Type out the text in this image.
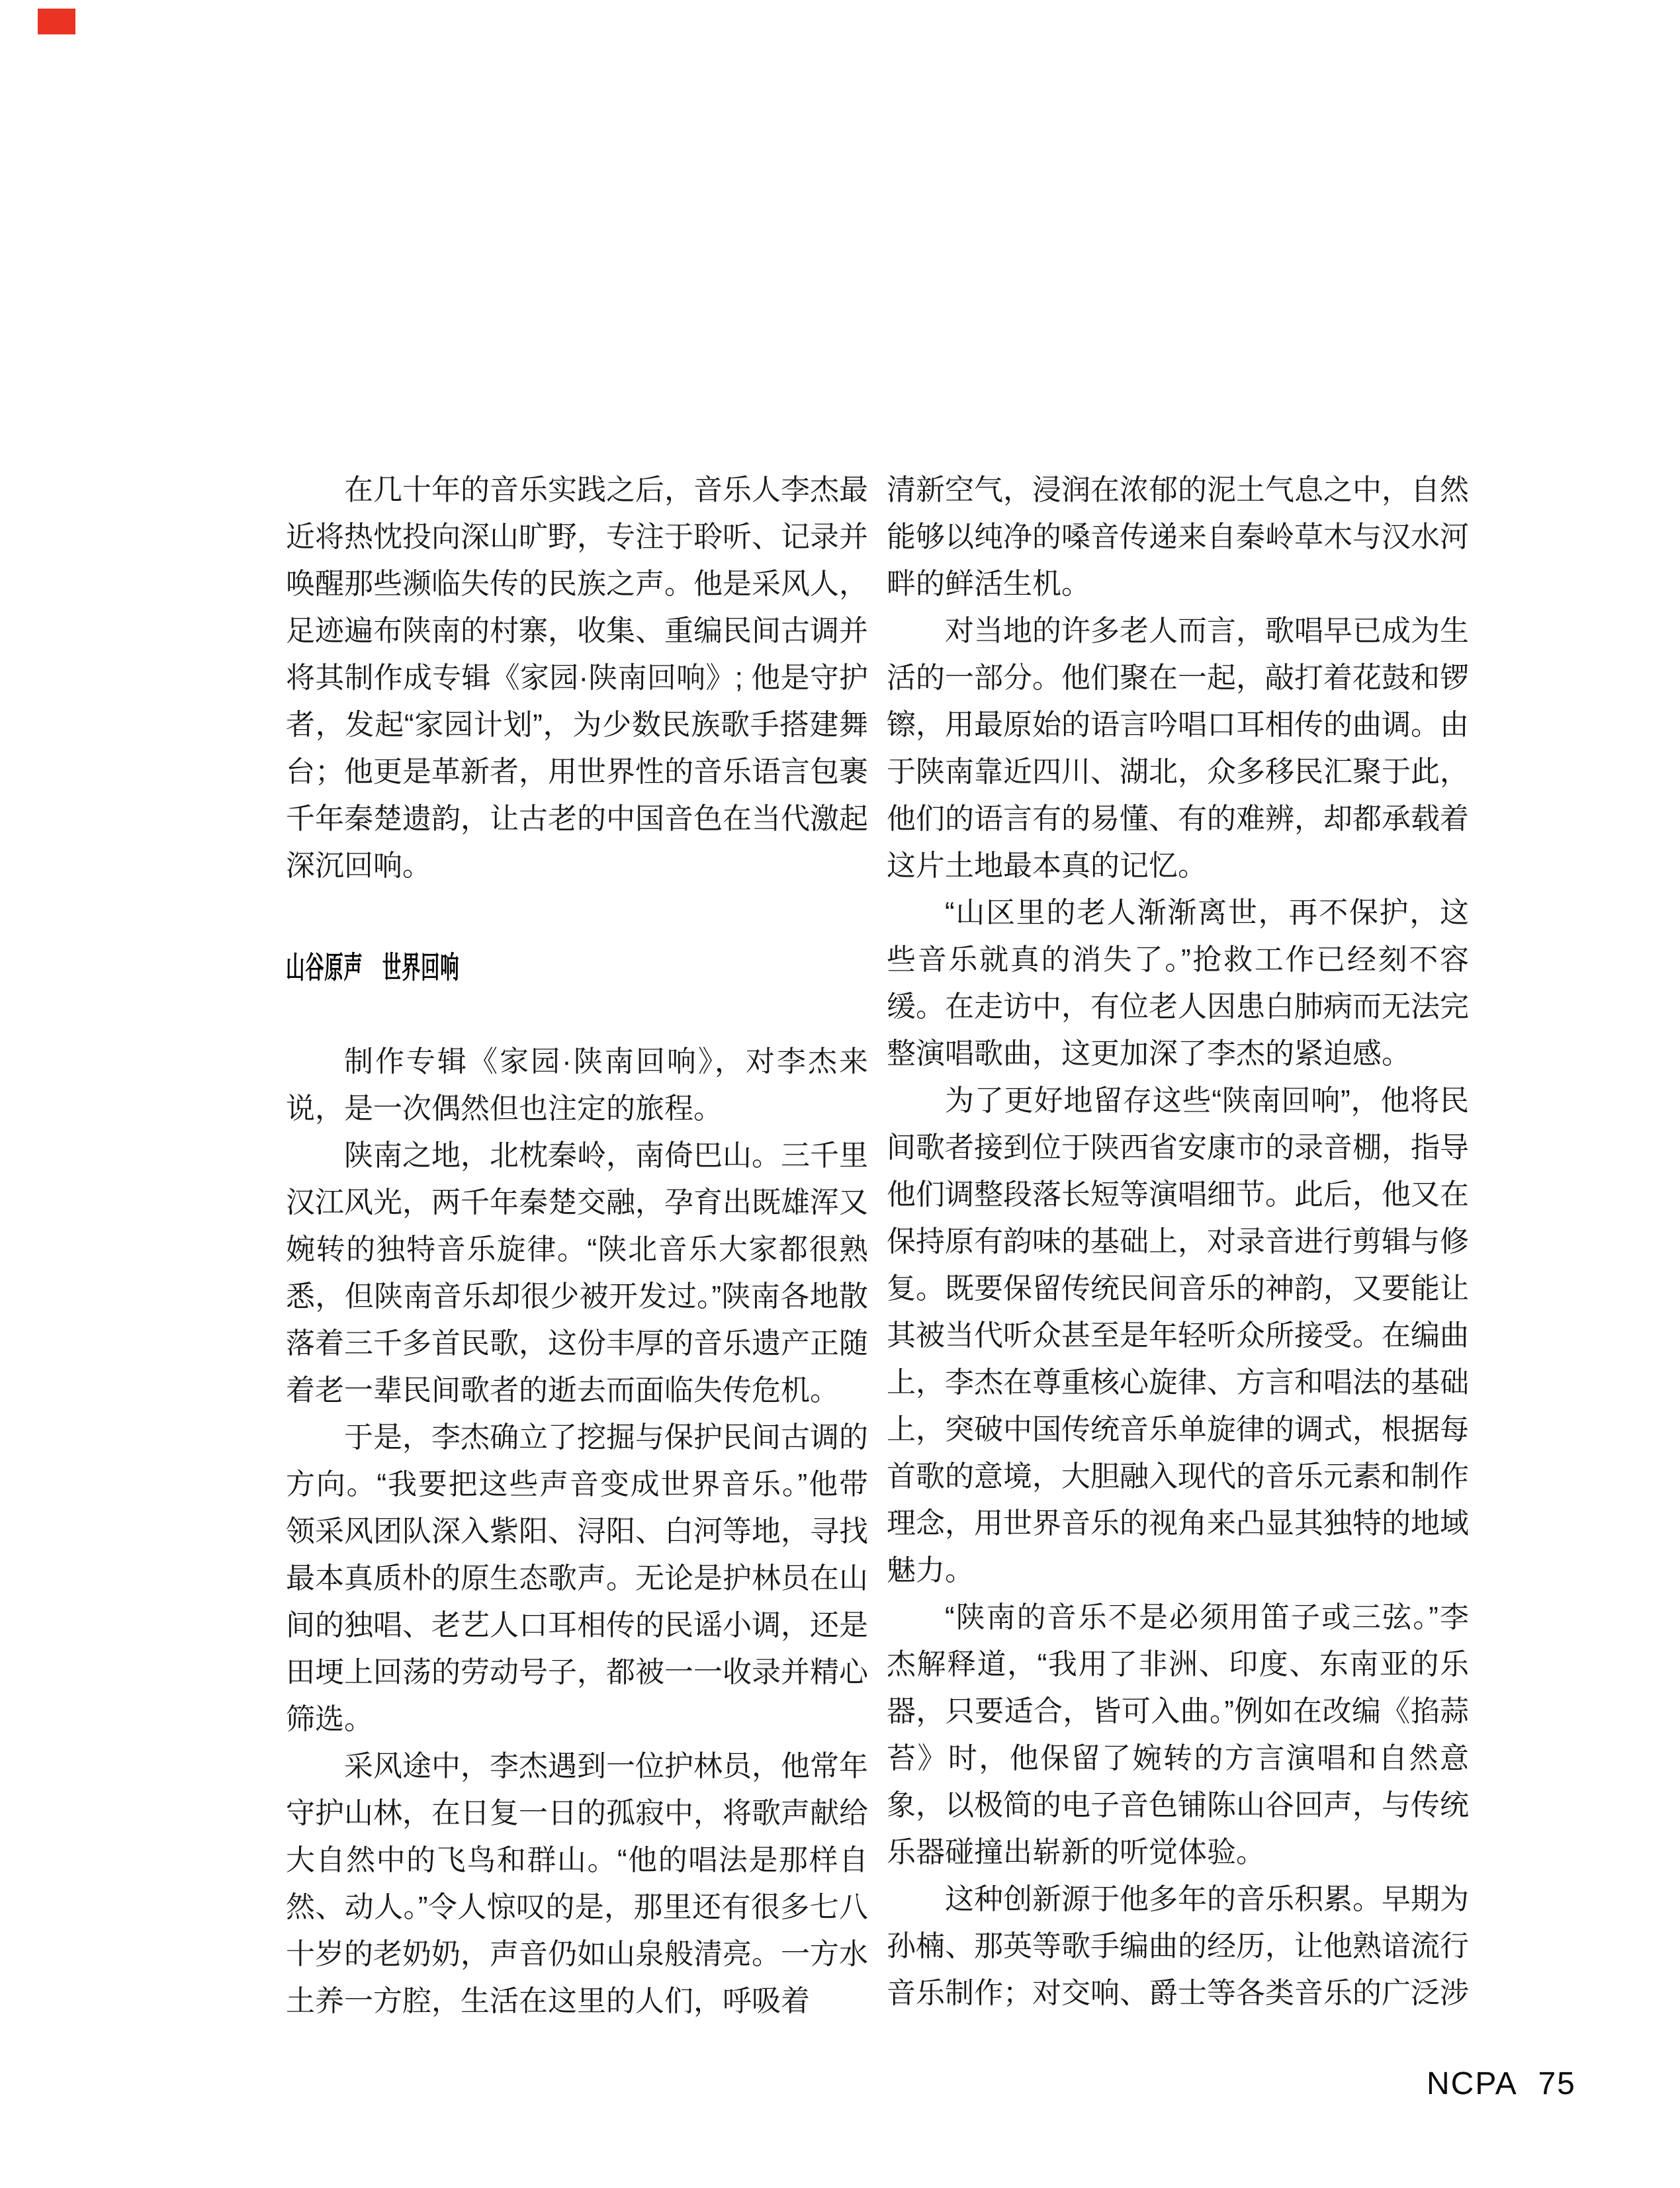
在几十年的音乐实践之后，音乐人李杰最近将热忱投向深山旷野，专注于聆听、记录并唤醒那些濒临失传的民族之声。他是采风人，足迹遍布陕南的村寨，收集、重编民间古调并将其制作成专辑《家园·陕南回响》; 他是守护者，发起“家园计划”，为少数民族歌手搭建舞台；他更是革新者，用世界性的音乐语言包裹千年秦楚遗韵，让古老的中国音色在当代激起深沉回响。

山谷原声　世界回响

制作专辑《家园·陕南回响》，对李杰来说，是一次偶然但也注定的旅程。

陕南之地，北枕秦岭，南倚巴山。三千里汉江风光，两千年秦楚交融，孕育出既雄浑又婉转的独特音乐旋律。“陕北音乐大家都很熟悉，但陕南音乐却很少被开发过。”陕南各地散落着三千多首民歌，这份丰厚的音乐遗产正随着老一辈民间歌者的逝去而面临失传危机。

于是，李杰确立了挖掘与保护民间古调的方向。“我要把这些声音变成世界音乐。”他带领采风团队深入紫阳、浔阳、白河等地，寻找最本真质朴的原生态歌声。无论是护林员在山间的独唱、老艺人口耳相传的民谣小调，还是田埂上回荡的劳动号子，都被一一收录并精心筛选。

采风途中，李杰遇到一位护林员，他常年守护山林，在日复一日的孤寂中，将歌声献给大自然中的飞鸟和群山。“他的唱法是那样自然、动人。”令人惊叹的是，那里还有很多七八十岁的老奶奶，声音仍如山泉般清亮。一方水土养一方腔，生活在这里的人们，呼吸着

清新空气，浸润在浓郁的泥土气息之中，自然能够以纯净的嗓音传递来自秦岭草木与汉水河畔的鲜活生机。

对当地的许多老人而言，歌唱早已成为生活的一部分。他们聚在一起，敲打着花鼓和锣镲，用最原始的语言吟唱口耳相传的曲调。由于陕南靠近四川、湖北，众多移民汇聚于此，他们的语言有的易懂、有的难辨，却都承载着这片土地最本真的记忆。

“山区里的老人渐渐离世，再不保护，这些音乐就真的消失了。”抢救工作已经刻不容缓。在走访中，有位老人因患白肺病而无法完整演唱歌曲，这更加深了李杰的紧迫感。

为了更好地留存这些“陕南回响”，他将民间歌者接到位于陕西省安康市的录音棚，指导他们调整段落长短等演唱细节。此后，他又在保持原有韵味的基础上，对录音进行剪辑与修复。既要保留传统民间音乐的神韵，又要能让其被当代听众甚至是年轻听众所接受。在编曲上，李杰在尊重核心旋律、方言和唱法的基础上，突破中国传统音乐单旋律的调式，根据每首歌的意境，大胆融入现代的音乐元素和制作理念，用世界音乐的视角来凸显其独特的地域魅力。

“陕南的音乐不是必须用笛子或三弦。”李杰解释道，“我用了非洲、印度、东南亚的乐器，只要适合，皆可入曲。”例如在改编《掐蒜苔》时，他保留了婉转的方言演唱和自然意象，以极简的电子音色铺陈山谷回声，与传统乐器碰撞出崭新的听觉体验。

这种创新源于他多年的音乐积累。早期为孙楠、那英等歌手编曲的经历，让他熟谙流行音乐制作；对交响、爵士等各类音乐的广泛涉

NCPA 75
